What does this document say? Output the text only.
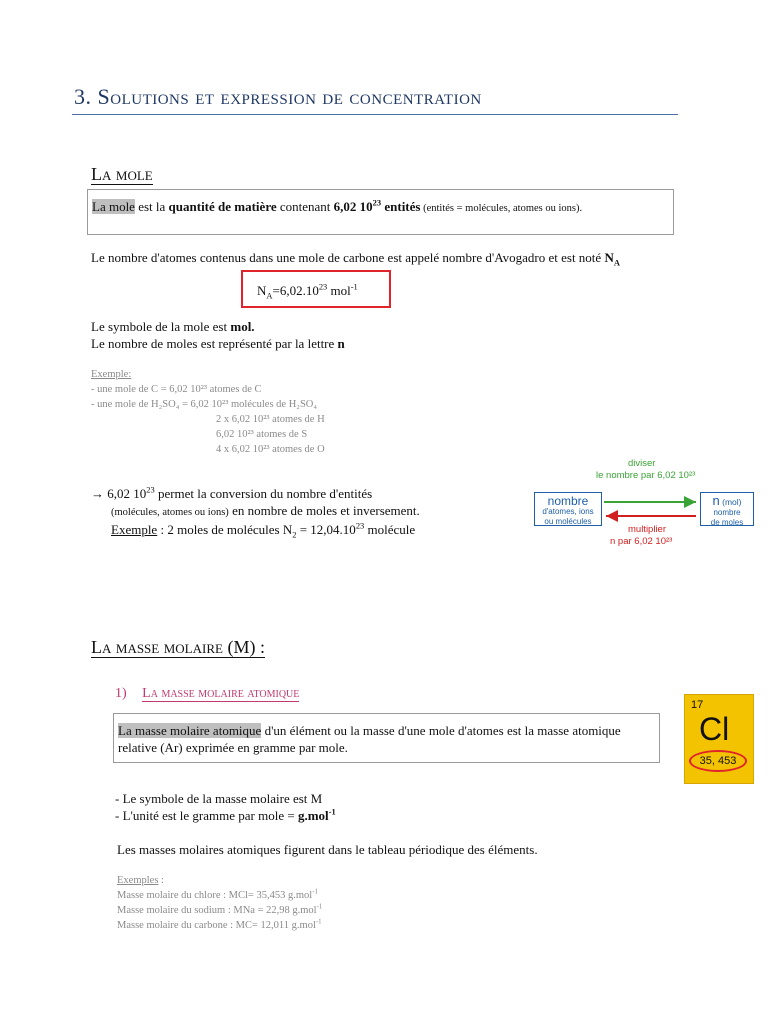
3. Solutions et expression de concentration
La mole
La mole est la quantité de matière contenant 6,02 $10^{23}$ entités (entités = molécules, atomes ou ions).
Le nombre d'atomes contenus dans une mole de carbone est appelé nombre d'Avogadro et est noté $N_A$
$N_A=6,02.10^{23}$ mol$^{-1}$
Le symbole de la mole est mol.
Le nombre de moles est représenté par la lettre n
Exemple:
- une mole de C = 6,02 10²³ atomes de C
- une mole de H₂SO₄ = 6,02 10²³ molécules de H₂SO₄
2 x 6,02 10²³ atomes de H
6,02 10²³ atomes de S
4 x 6,02 10²³ atomes de O
→ 6,02 $10^{23}$ permet la conversion du nombre d'entités
(molécules, atomes ou ions) en nombre de moles et inversement.
Exemple : 2 moles de molécules $N_2 = 12,04.10^{23}$ molécule
diviser
le nombre par 6,02 10²³
nombre
d'atomes, ions
ou molécules
n (mol)
nombre
de moles
multiplier
n par 6,02 10²³
La masse molaire (M) :
1) La masse molaire atomique
La masse molaire atomique d'un élément ou la masse d'une mole d'atomes est la masse atomique relative (Ar) exprimée en gramme par mole.
17
Cl
35, 453
- Le symbole de la masse molaire est M
- L'unité est le gramme par mole = g.mol$^{-1}$
Les masses molaires atomiques figurent dans le tableau périodique des éléments.
Exemples :
Masse molaire du chlore : MCl= 35,453 g.mol$^{-1}$
Masse molaire du sodium : MNa = 22,98 g.mol$^{-1}$
Masse molaire du carbone : MC= 12,011 g.mol$^{-1}$
